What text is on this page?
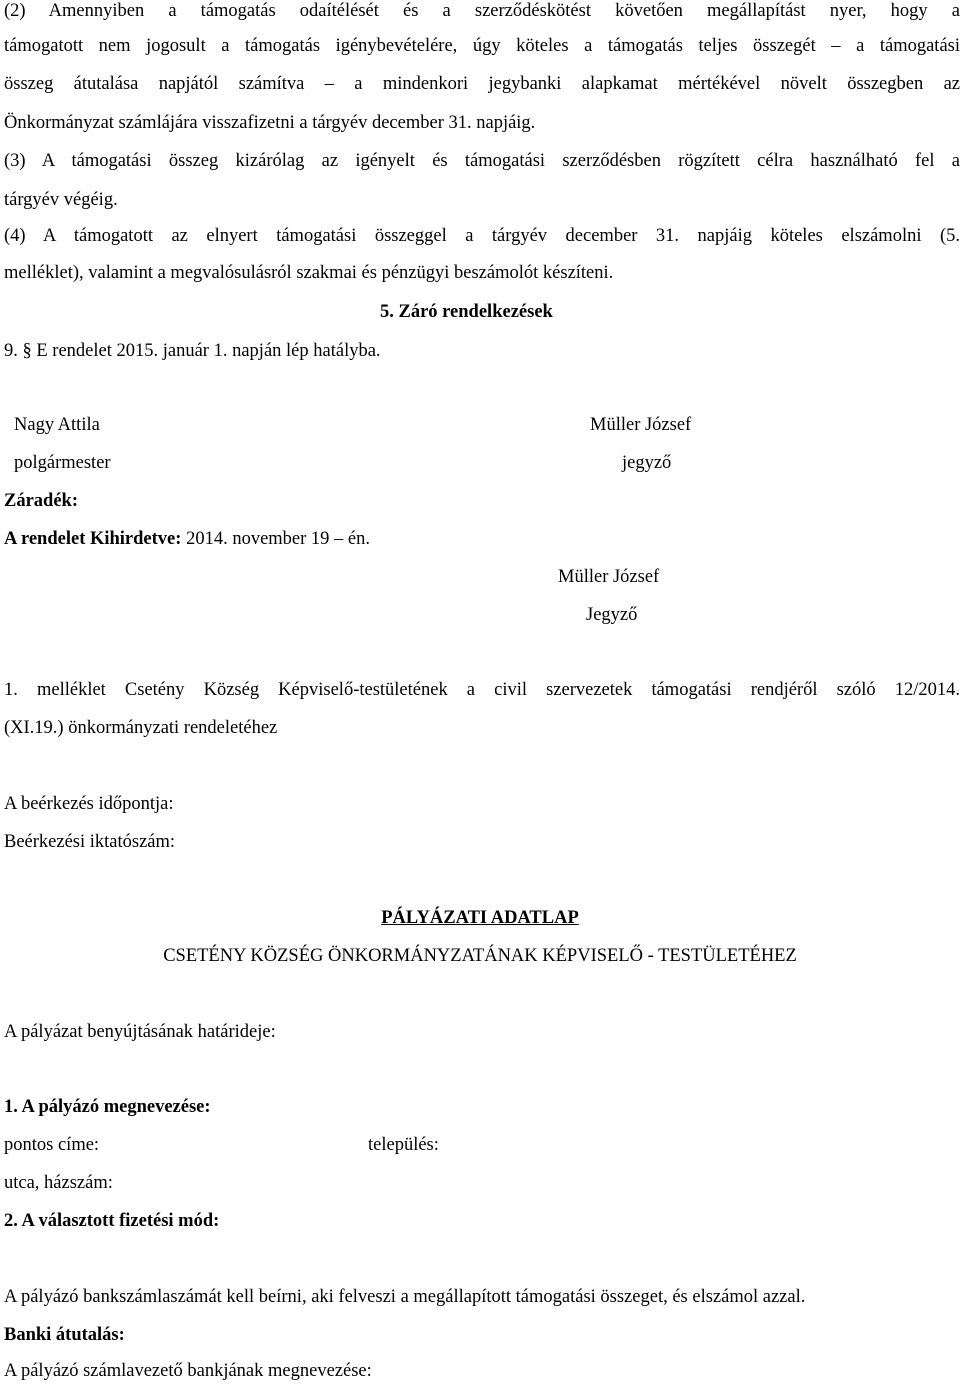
(2) Amennyiben a támogatás odaítélését és a szerződéskötést követően megállapítást nyer, hogy a
támogatott nem jogosult a támogatás igénybevételére, úgy köteles a támogatás teljes összegét – a támogatási
összeg átutalása napjától számítva – a mindenkori jegybanki alapkamat mértékével növelt összegben az
Önkormányzat számlájára visszafizetni a tárgyév december 31. napjáig.
(3) A támogatási összeg kizárólag az igényelt és támogatási szerződésben rögzített célra használható fel a
tárgyév végéig.
(4) A támogatott az elnyert támogatási összeggel a tárgyév december 31. napjáig köteles elszámolni (5.
melléklet), valamint a megvalósulásról szakmai és pénzügyi beszámolót készíteni.
5. Záró rendelkezések
9. § E rendelet 2015. január 1. napján lép hatályba.
Nagy Attila
polgármester
Müller József
jegyző
Záradék:
A rendelet Kihirdetve: 2014. november 19 – én.
Müller József
Jegyző
1. melléklet Csetény Község Képviselő-testületének a civil szervezetek támogatási rendjéről szóló 12/2014.
(XI.19.) önkormányzati rendeletéhez
A beérkezés időpontja:
Beérkezési iktatószám:
PÁLYÁZATI ADATLAP
CSETÉNY KÖZSÉG ÖNKORMÁNYZATÁNAK KÉPVISELŐ - TESTÜLETÉHEZ
A pályázat benyújtásának határideje:
1. A pályázó megnevezése:
pontos címe:	település:
utca, házszám:
2. A választott fizetési mód:
A pályázó bankszámlaszámát kell beírni, aki felveszi a megállapított támogatási összeget, és elszámol azzal.
Banki átutalás:
A pályázó számlavezető bankjának megnevezése:
